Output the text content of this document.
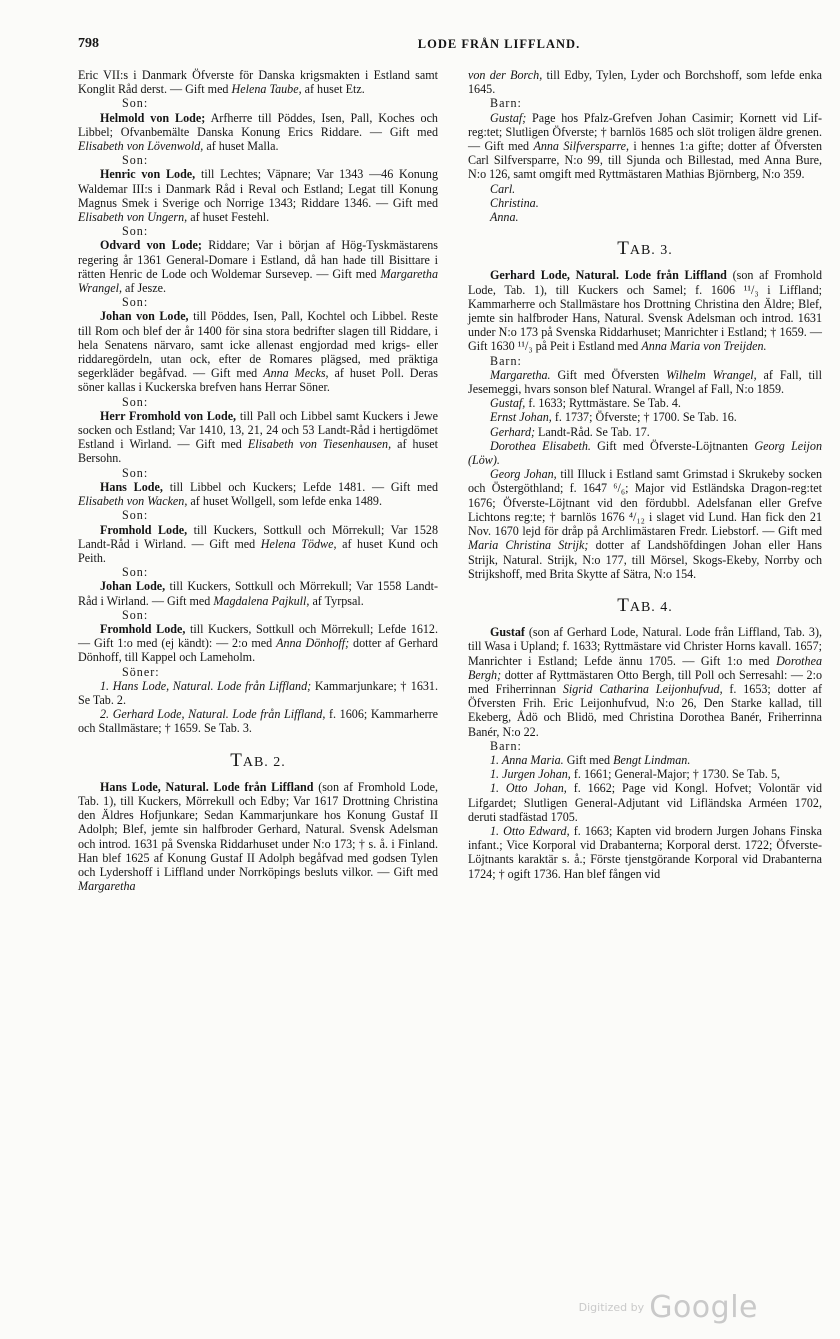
798	LODE FRÅN LIFFLAND.

Eric VII:s i Danmark Öfverste för Danska krigsmakten i Estland samt Konglit Råd derst. — Gift med Helena Taube, af huset Etz.

Son:

Helmold von Lode; Arfherre till Pöddes, Isen, Pall, Koches och Libbel; Ofvanbemälte Danska Konung Erics Riddare. — Gift med Elisabeth von Lövenwold, af huset Malla.

Son:

Henric von Lode, till Lechtes; Väpnare; Var 1343 —46 Konung Waldemar III:s i Danmark Råd i Reval och Estland; Legat till Konung Magnus Smek i Sverige och Norrige 1343; Riddare 1346. — Gift med Elisabeth von Ungern, af huset Festehl.

Son:

Odvard von Lode; Riddare; Var i början af Hög-Tyskmästarens regering år 1361 General-Domare i Estland, då han hade till Bisittare i rätten Henric de Lode och Woldemar Sursevep. — Gift med Margaretha Wrangel, af Jesze.

Son:

Johan von Lode, till Pöddes, Isen, Pall, Kochtel och Libbel. Reste till Rom och blef der år 1400 för sina stora bedrifter slagen till Riddare, i hela Senatens närvaro, samt icke allenast engjordad med krigs- eller riddaregördeln, utan ock, efter de Romares plägsed, med präktiga segerkläder begåfvad. — Gift med Anna Mecks, af huset Poll. Deras söner kallas i Kuckerska brefven hans Herrar Söner.

Son:

Herr Fromhold von Lode, till Pall och Libbel samt Kuckers i Jewe socken och Estland; Var 1410, 13, 21, 24 och 53 Landt-Råd i hertigdömet Estland i Wirland. — Gift med Elisabeth von Tiesenhausen, af huset Bersohn.

Son:

Hans Lode, till Libbel och Kuckers; Lefde 1481. — Gift med Elisabeth von Wacken, af huset Wollgell, som lefde enka 1489.

Son:

Fromhold Lode, till Kuckers, Sottkull och Mörrekull; Var 1528 Landt-Råd i Wirland. — Gift med Helena Tödwe, af huset Kund och Peith.

Son:

Johan Lode, till Kuckers, Sottkull och Mörrekull; Var 1558 Landt-Råd i Wirland. — Gift med Magdalena Pajkull, af Tyrpsal.

Son:

Fromhold Lode, till Kuckers, Sottkull och Mörrekull; Lefde 1612. — Gift 1:o med (ej kändt): — 2:o med Anna Dönhoff; dotter af Gerhard Dönhoff, till Kappel och Lameholm.

Söner:

1. Hans Lode, Natural. Lode från Liffland; Kammarjunkare; † 1631. Se Tab. 2.

2. Gerhard Lode, Natural. Lode från Liffland, f. 1606; Kammarherre och Stallmästare; † 1659. Se Tab. 3.

TAB. 2.

Hans Lode, Natural. Lode från Liffland (son af Fromhold Lode, Tab. 1), till Kuckers, Mörrekull och Edby; Var 1617 Drottning Christina den Äldres Hofjunkare; Sedan Kammarjunkare hos Konung Gustaf II Adolph; Blef, jemte sin halfbroder Gerhard, Natural. Svensk Adelsman och introd. 1631 på Svenska Riddarhuset under N:o 173; † s. å. i Finland. Han blef 1625 af Konung Gustaf II Adolph begåfvad med godsen Tylen och Lydershoff i Liffland under Norrköpings besluts vilkor. — Gift med Margaretha

von der Borch, till Edby, Tylen, Lyder och Borchshoff, som lefde enka 1645.

Barn:

Gustaf; Page hos Pfalz-Grefven Johan Casimir; Kornett vid Lif-reg:tet; Slutligen Öfverste; † barnlös 1685 och slöt troligen äldre grenen. — Gift med Anna Silfversparre, i hennes 1:a gifte; dotter af Öfversten Carl Silfversparre, N:o 99, till Sjunda och Billestad, med Anna Bure, N:o 126, samt omgift med Ryttmästaren Mathias Björnberg, N:o 359.

Carl.
Christina.
Anna.
TAB. 3.

Gerhard Lode, Natural. Lode från Liffland (son af Fromhold Lode, Tab. 1), till Kuckers och Samel; f. 1606 ¹¹/₃ i Liffland; Kammarherre och Stallmästare hos Drottning Christina den Äldre; Blef, jemte sin halfbroder Hans, Natural. Svensk Adelsman och introd. 1631 under N:o 173 på Svenska Riddarhuset; Manrichter i Estland; † 1659. — Gift 1630 ¹¹/₃ på Peit i Estland med Anna Maria von Treijden.

Barn:

Margaretha. Gift med Öfversten Wilhelm Wrangel, af Fall, till Jesemeggi, hvars sonson blef Natural. Wrangel af Fall, N:o 1859.

Gustaf, f. 1633; Ryttmästare. Se Tab. 4.

Ernst Johan, f. 1737; Öfverste; † 1700. Se Tab. 16.

Gerhard; Landt-Råd. Se Tab. 17.

Dorothea Elisabeth. Gift med Öfverste-Löjtnanten Georg Leijon (Löw).

Georg Johan, till Illuck i Estland samt Grimstad i Skrukeby socken och Östergöthland; f. 1647 ⁶/₆; Major vid Estländska Dragon-reg:tet 1676; Öfverste-Löjtnant vid den fördubbl. Adelsfanan eller Grefve Lichtons reg:te; † barnlös 1676 ⁴/₁₂ i slaget vid Lund. Han fick den 21 Nov. 1670 lejd för dråp på Archlimästaren Fredr. Liebstorf. — Gift med Maria Christina Strijk; dotter af Landshöfdingen Johan eller Hans Strijk, Natural. Strijk, N:o 177, till Mörsel, Skogs-Ekeby, Norrby och Strijkshoff, med Brita Skytte af Sätra, N:o 154.

TAB. 4.

Gustaf (son af Gerhard Lode, Natural. Lode från Liffland, Tab. 3), till Wasa i Upland; f. 1633; Ryttmästare vid Christer Horns kavall. 1657; Manrichter i Estland; Lefde ännu 1705. — Gift 1:o med Dorothea Bergh; dotter af Ryttmästaren Otto Bergh, till Poll och Serresahl: — 2:o med Friherrinnan Sigrid Catharina Leijonhufvud, f. 1653; dotter af Öfversten Frih. Eric Leijonhufvud, N:o 26, Den Starke kallad, till Ekeberg, Ådö och Blidö, med Christina Dorothea Banér, Friherrinna Banér, N:o 22.

Barn:

1. Anna Maria. Gift med Bengt Lindman.

1. Jurgen Johan, f. 1661; General-Major; † 1730. Se Tab. 5,

1. Otto Johan, f. 1662; Page vid Kongl. Hofvet; Volontär vid Lifgardet; Slutligen General-Adjutant vid Lifländska Arméen 1702, deruti stadfästad 1705.

1. Otto Edward, f. 1663; Kapten vid brodern Jurgen Johans Finska infant.; Vice Korporal vid Drabanterna; Korporal derst. 1722; Öfverste-Löjtnants karaktär s. å.; Förste tjenstgörande Korporal vid Drabanterna 1724; † ogift 1736. Han blef fången vid

Digitized by Google
